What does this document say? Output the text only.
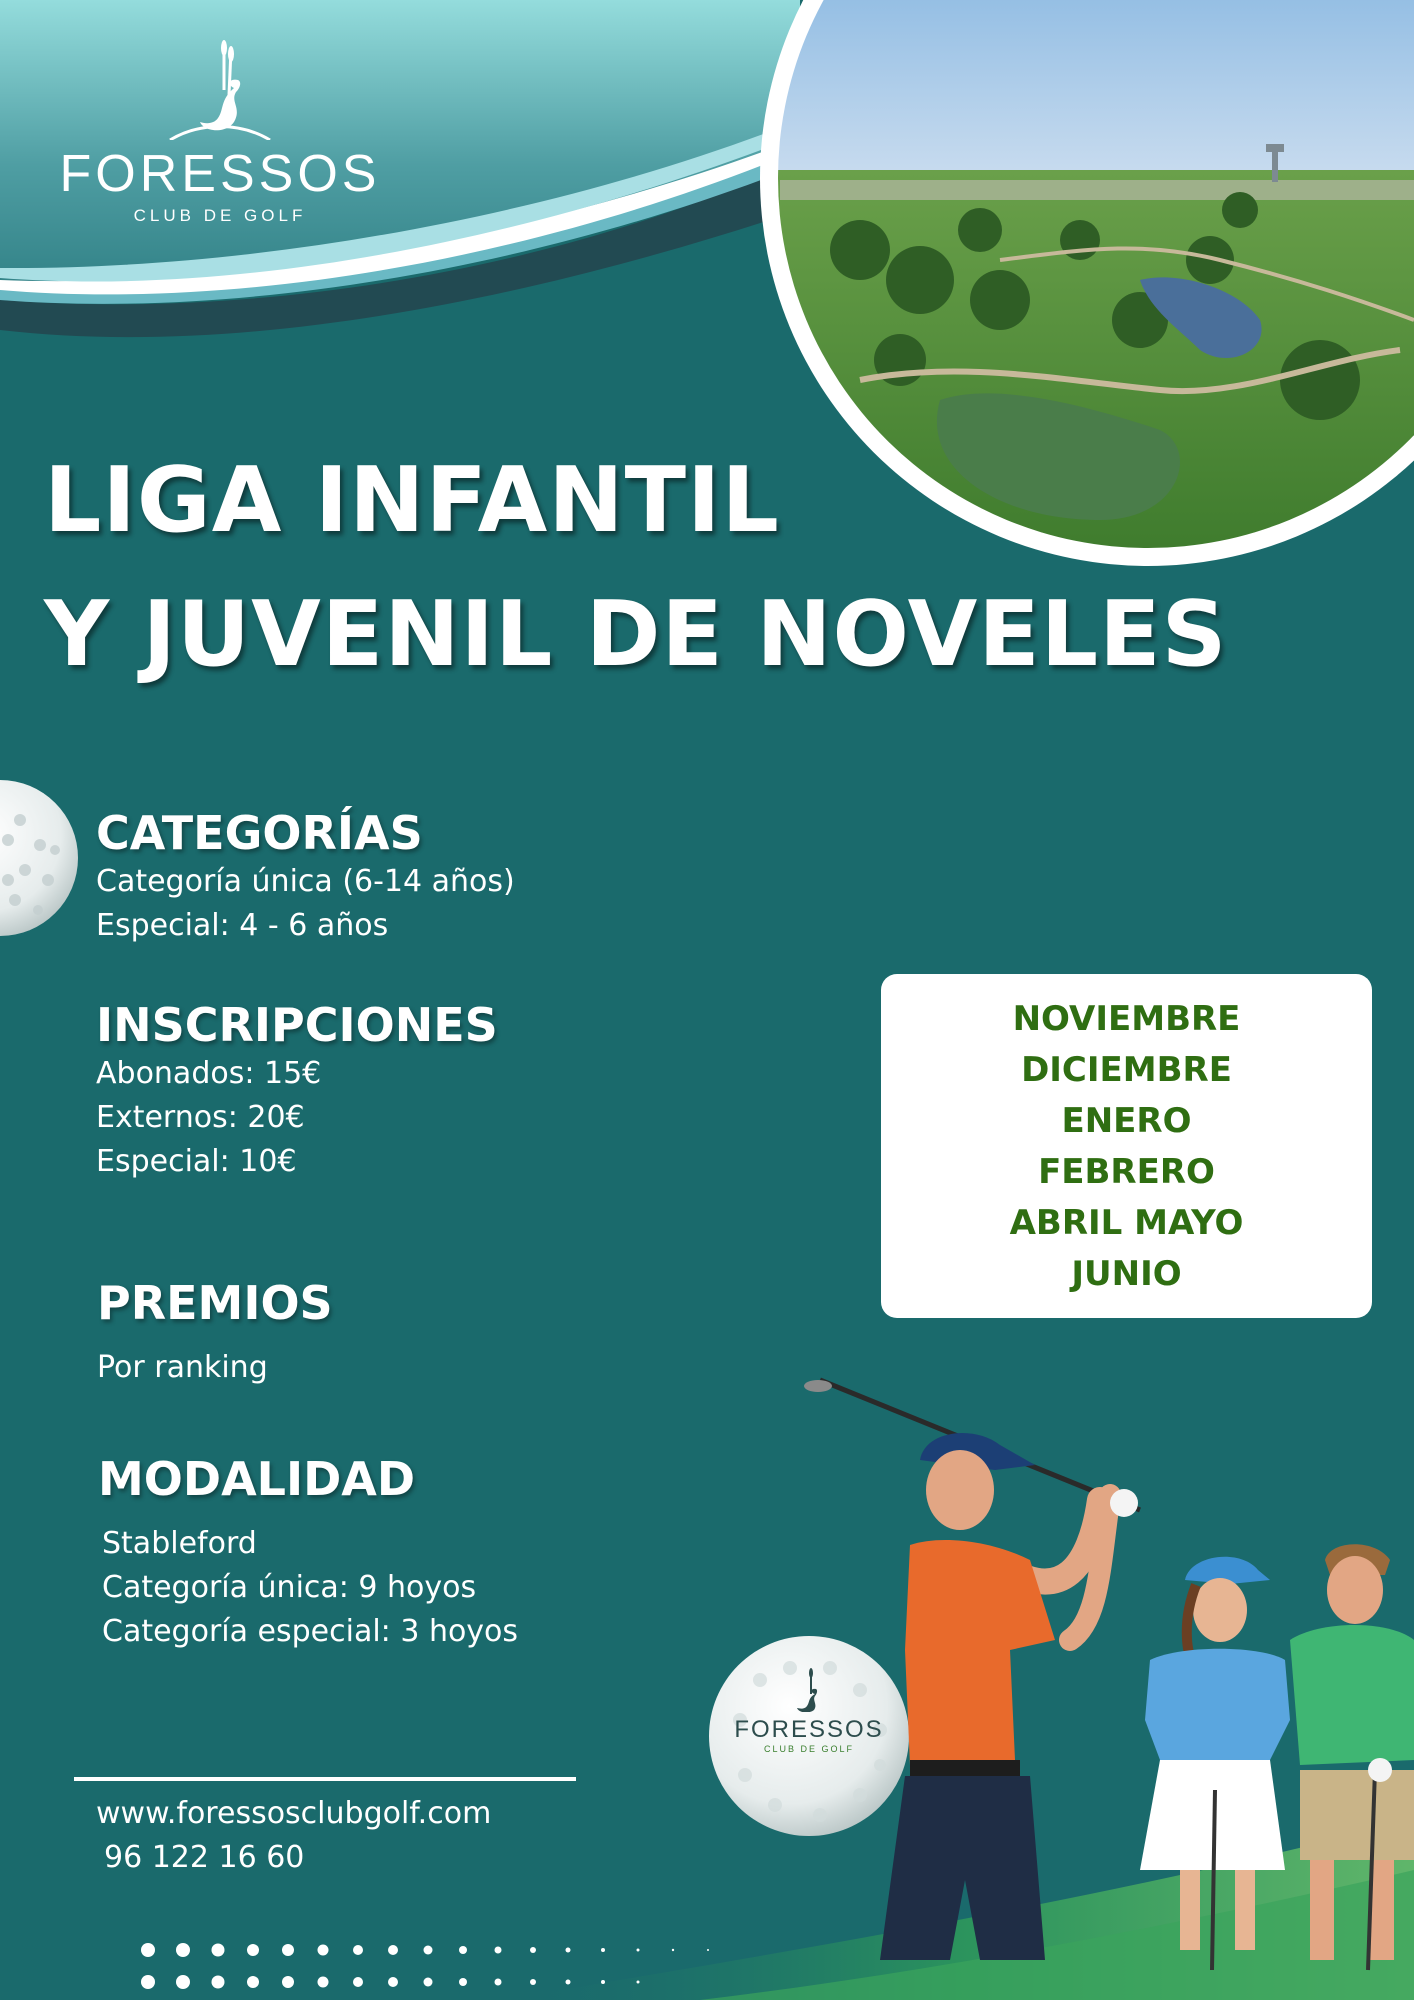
FORESSOS
CLUB DE GOLF
LIGA INFANTIL
Y JUVENIL DE NOVELES
CATEGORÍAS
Categoría única (6-14 años)
Especial: 4 - 6 años
INSCRIPCIONES
Abonados: 15€
Externos: 20€
Especial: 10€
PREMIOS
Por ranking
MODALIDAD
Stableford
Categoría única: 9 hoyos
Categoría especial: 3 hoyos
NOVIEMBRE
DICIEMBRE
ENERO
FEBRERO
ABRIL MAYO
JUNIO
www.foressosclubgolf.com
96 122 16 60
FORESSOS
CLUB DE GOLF
